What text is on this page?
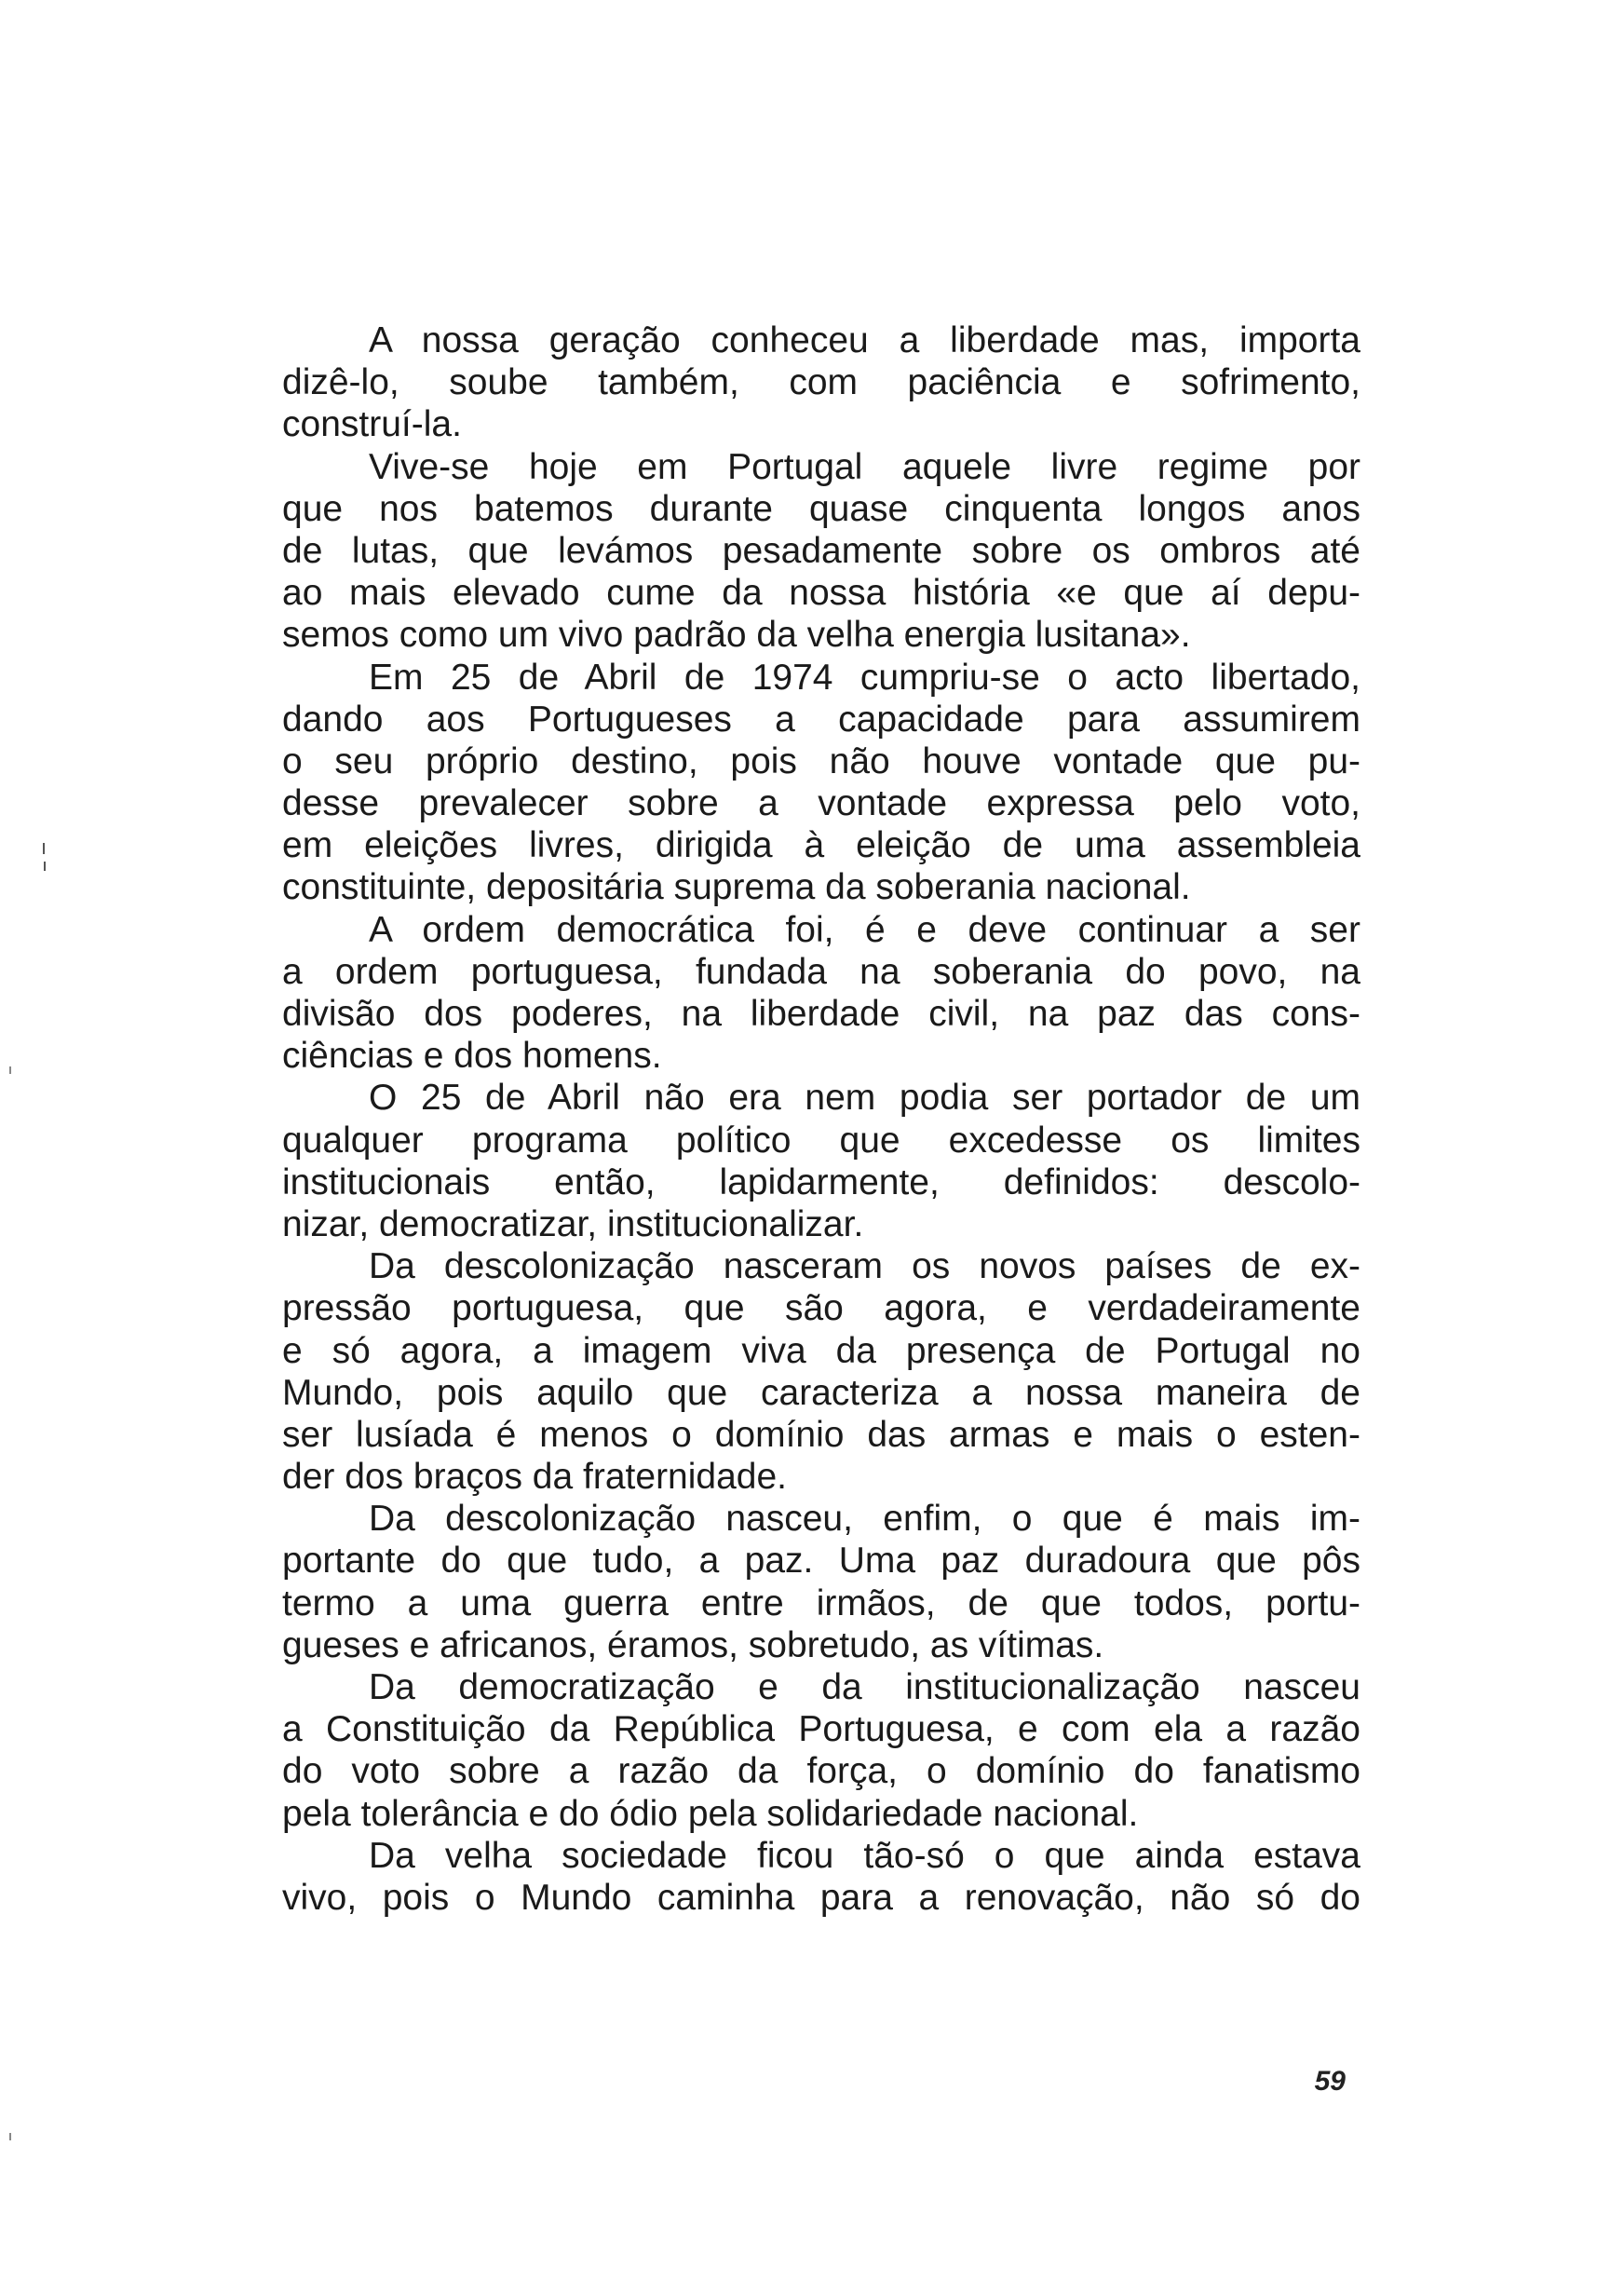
A nossa geração conheceu a liberdade mas, importa
dizê-lo, soube também, com paciência e sofrimento,
construí-la.
Vive-se hoje em Portugal aquele livre regime por
que nos batemos durante quase cinquenta longos anos
de lutas, que levámos pesadamente sobre os ombros até
ao mais elevado cume da nossa história «e que aí depu-
semos como um vivo padrão da velha energia lusitana».
Em 25 de Abril de 1974 cumpriu-se o acto libertado,
dando aos Portugueses a capacidade para assumirem
o seu próprio destino, pois não houve vontade que pu-
desse prevalecer sobre a vontade expressa pelo voto,
em eleições livres, dirigida à eleição de uma assembleia
constituinte, depositária suprema da soberania nacional.
A ordem democrática foi, é e deve continuar a ser
a ordem portuguesa, fundada na soberania do povo, na
divisão dos poderes, na liberdade civil, na paz das cons-
ciências e dos homens.
O 25 de Abril não era nem podia ser portador de um
qualquer programa político que excedesse os limites
institucionais então, lapidarmente, definidos: descolo-
nizar, democratizar, institucionalizar.
Da descolonização nasceram os novos países de ex-
pressão portuguesa, que são agora, e verdadeiramente
e só agora, a imagem viva da presença de Portugal no
Mundo, pois aquilo que caracteriza a nossa maneira de
ser lusíada é menos o domínio das armas e mais o esten-
der dos braços da fraternidade.
Da descolonização nasceu, enfim, o que é mais im-
portante do que tudo, a paz. Uma paz duradoura que pôs
termo a uma guerra entre irmãos, de que todos, portu-
gueses e africanos, éramos, sobretudo, as vítimas.
Da democratização e da institucionalização nasceu
a Constituição da República Portuguesa, e com ela a razão
do voto sobre a razão da força, o domínio do fanatismo
pela tolerância e do ódio pela solidariedade nacional.
Da velha sociedade ficou tão-só o que ainda estava
vivo, pois o Mundo caminha para a renovação, não só do
59
